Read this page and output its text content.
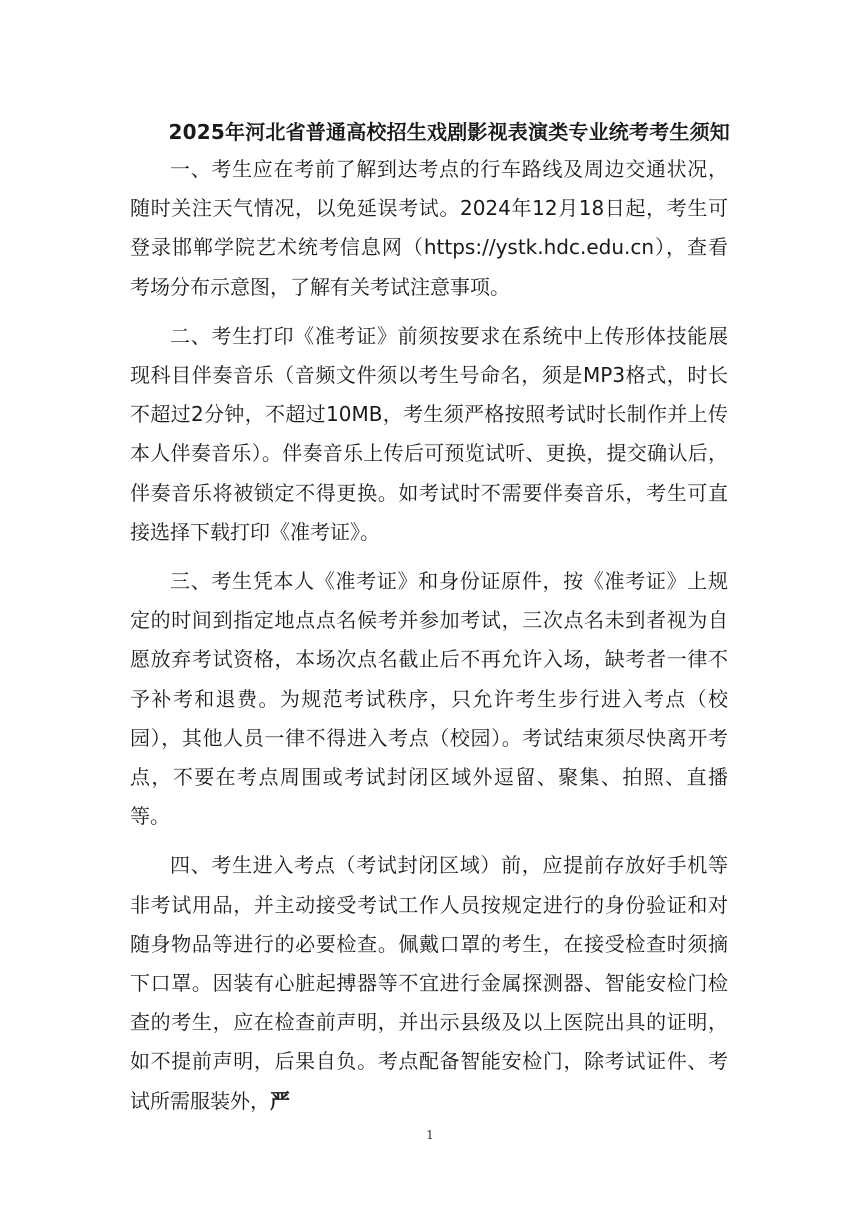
2025年河北省普通高校招生戏剧影视表演类专业统考考生须知

一、考生应在考前了解到达考点的行车路线及周边交通状况，随时关注天气情况，以免延误考试。2024年12月18日起，考生可登录邯郸学院艺术统考信息网（https://ystk.hdc.edu.cn），查看考场分布示意图，了解有关考试注意事项。

二、考生打印《准考证》前须按要求在系统中上传形体技能展现科目伴奏音乐（音频文件须以考生号命名，须是MP3格式，时长不超过2分钟，不超过10MB，考生须严格按照考试时长制作并上传本人伴奏音乐）。伴奏音乐上传后可预览试听、更换，提交确认后，伴奏音乐将被锁定不得更换。如考试时不需要伴奏音乐，考生可直接选择下载打印《准考证》。

三、考生凭本人《准考证》和身份证原件，按《准考证》上规定的时间到指定地点点名候考并参加考试，三次点名未到者视为自愿放弃考试资格，本场次点名截止后不再允许入场，缺考者一律不予补考和退费。为规范考试秩序，只允许考生步行进入考点（校园），其他人员一律不得进入考点（校园）。考试结束须尽快离开考点，不要在考点周围或考试封闭区域外逗留、聚集、拍照、直播等。

四、考生进入考点（考试封闭区域）前，应提前存放好手机等非考试用品，并主动接受考试工作人员按规定进行的身份验证和对随身物品等进行的必要检查。佩戴口罩的考生，在接受检查时须摘下口罩。因装有心脏起搏器等不宜进行金属探测器、智能安检门检查的考生，应在检查前声明，并出示县级及以上医院出具的证明，如不提前声明，后果自负。考点配备智能安检门，除考试证件、考试所需服装外，严

1
